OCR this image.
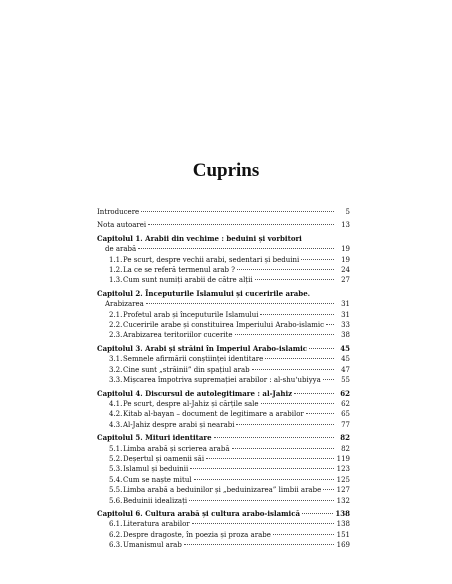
Cuprins
Introducere	5
Nota autoarei	13
Capitolul 1. Arabii din vechime : beduini și vorbitori
de arabă	19
1.1.Pe scurt, despre vechii arabi, sedentari și beduini	19
1.2.La ce se referă termenul arab ?	24
1.3.Cum sunt numiți arabii de către alții	27
Capitolul 2. Începuturile Islamului și cuceririle arabe.
Arabizarea	31
2.1.Profetul arab și începuturile Islamului	31
2.2.Cuceririle arabe și constituirea Imperiului Arabo-islamic	33
2.3.Arabizarea teritoriilor cucerite	38
Capitolul 3. Arabi și străini în Imperiul Arabo-islamic	45
3.1.Semnele afirmării conștiinței identitare	45
3.2.Cine sunt „străinii” din spațiul arab	47
3.3.Mișcarea împotriva supremației arabilor : al-shu‘ubiyya	55
Capitolul 4. Discursul de autolegitimare : al-Jahiz	62
4.1.Pe scurt, despre al-Jahiz și cărțile sale	62
4.2.Kitab al-bayan – document de legitimare a arabilor	65
4.3.Al-Jahiz despre arabi și nearabi	77
Capitolul 5. Mituri identitare	82
5.1.Limba arabă și scrierea arabă	82
5.2.Deșertul și oamenii săi	119
5.3.Islamul și beduinii	123
5.4.Cum se naște mitul	125
5.5.Limba arabă a beduinilor și „beduinizarea” limbii arabe 127
5.6.Beduinii idealizați	132
Capitolul 6. Cultura arabă și cultura arabo-islamică	138
6.1.Literatura arabilor	138
6.2.Despre dragoste, în poezia și proza arabe	151
6.3.Umanismul arab	169
